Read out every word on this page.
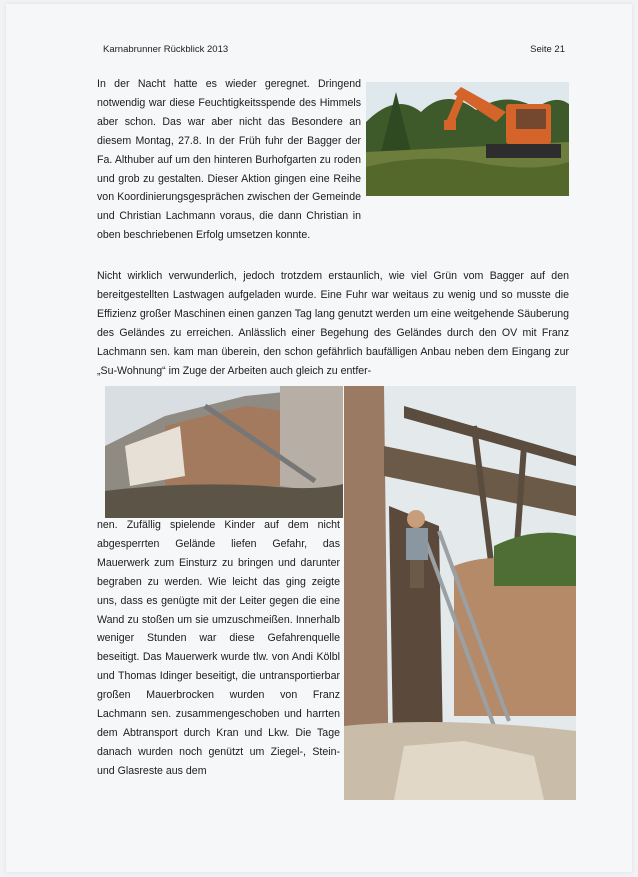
Karnabrunner Rückblick 2013	Seite 21

In der Nacht hatte es wieder geregnet. Dringend notwendig war diese Feuchtigkeitsspende des Himmels aber schon. Das war aber nicht das Besondere an diesem Montag, 27.8. In der Früh fuhr der Bagger der Fa. Althuber auf um den hinteren Burhofgarten zu roden und grob zu gestalten. Dieser Aktion gingen eine Reihe von Koordinierungsgesprächen zwischen der Gemeinde und Christian Lachmann voraus, die dann Christian in oben beschriebenen Erfolg umsetzen konnte.

Nicht wirklich verwunderlich, jedoch trotzdem erstaunlich, wie viel Grün vom Bagger auf den bereitgestellten Lastwagen aufgeladen wurde. Eine Fuhr war weitaus zu wenig und so musste die Effizienz großer Maschinen einen ganzen Tag lang genutzt werden um eine weitgehende Säuberung des Geländes zu erreichen. Anlässlich einer Begehung des Geländes durch den OV mit Franz Lachmann sen. kam man überein, den schon gefährlich baufälligen Anbau neben dem Eingang zur „Su-Wohnung“ im Zuge der Arbeiten auch gleich zu entfer-

nen. Zufällig spielende Kinder auf dem nicht abgesperrten Gelände liefen Gefahr, das Mauerwerk zum Einsturz zu bringen und darunter begraben zu werden. Wie leicht das ging zeigte uns, dass es genügte mit der Leiter gegen die eine Wand zu stoßen um sie umzuschmeißen. Innerhalb weniger Stunden war diese Gefahrenquelle beseitigt. Das Mauerwerk wurde tlw. von Andi Kölbl und Thomas Idinger beseitigt, die untransportierbar großen Mauerbrocken wurden von Franz Lachmann sen. zusammengeschoben und harrten dem Abtransport durch Kran und Lkw. Die Tage danach wurden noch genützt um Ziegel-, Stein- und Glasreste aus dem
